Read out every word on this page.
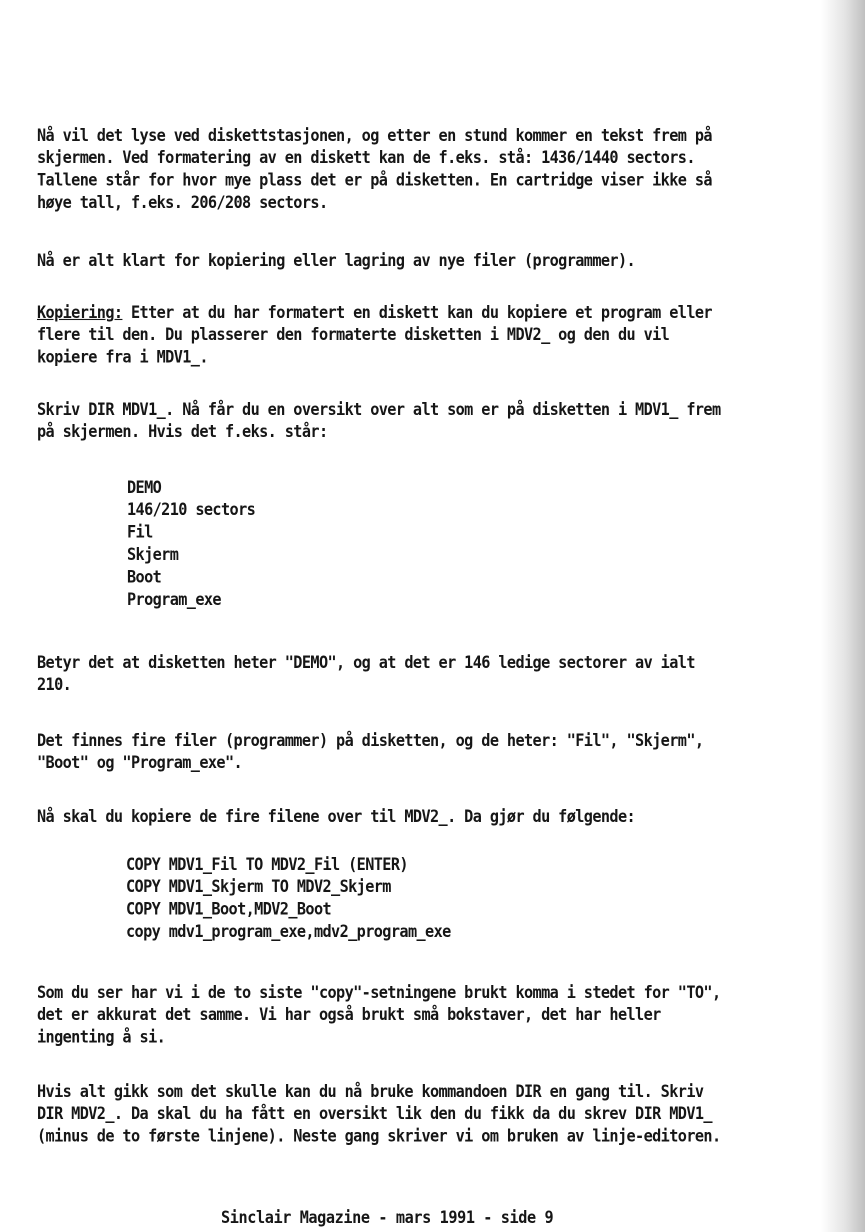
Nå vil det lyse ved diskettstasjonen, og etter en stund kommer en tekst frem på
skjermen. Ved formatering av en diskett kan de f.eks. stå: 1436/1440 sectors.
Tallene står for hvor mye plass det er på disketten. En cartridge viser ikke så
høye tall, f.eks. 206/208 sectors.
Nå er alt klart for kopiering eller lagring av nye filer (programmer).
Kopiering: Etter at du har formatert en diskett kan du kopiere et program eller
flere til den. Du plasserer den formaterte disketten i MDV2_ og den du vil
kopiere fra i MDV1_.
Skriv DIR MDV1_. Nå får du en oversikt over alt som er på disketten i MDV1_ frem
på skjermen. Hvis det f.eks. står:
DEMO
146/210 sectors
Fil
Skjerm
Boot
Program_exe
Betyr det at disketten heter "DEMO", og at det er 146 ledige sectorer av ialt
210.
Det finnes fire filer (programmer) på disketten, og de heter: "Fil", "Skjerm",
"Boot" og "Program_exe".
Nå skal du kopiere de fire filene over til MDV2_. Da gjør du følgende:
COPY MDV1_Fil TO MDV2_Fil (ENTER)
COPY MDV1_Skjerm TO MDV2_Skjerm
COPY MDV1_Boot,MDV2_Boot
copy mdv1_program_exe,mdv2_program_exe
Som du ser har vi i de to siste "copy"-setningene brukt komma i stedet for "TO",
det er akkurat det samme. Vi har også brukt små bokstaver, det har heller
ingenting å si.
Hvis alt gikk som det skulle kan du nå bruke kommandoen DIR en gang til. Skriv
DIR MDV2_. Da skal du ha fått en oversikt lik den du fikk da du skrev DIR MDV1_
(minus de to første linjene). Neste gang skriver vi om bruken av linje-editoren.
Sinclair Magazine - mars 1991 - side 9
